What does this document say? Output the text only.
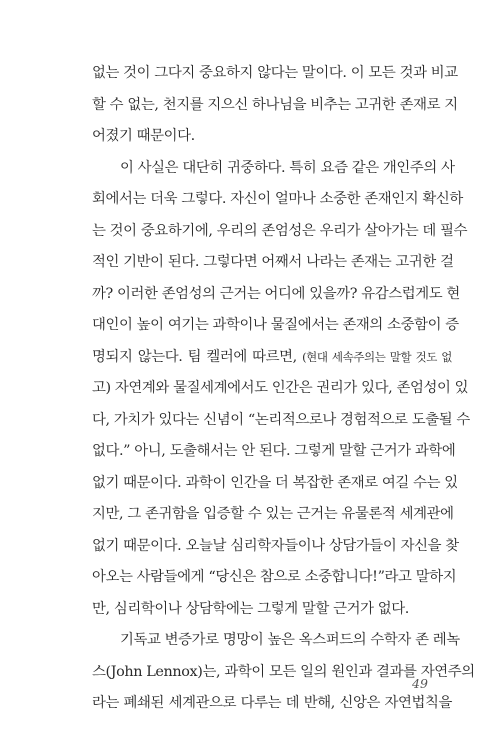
없는 것이 그다지 중요하지 않다는 말이다. 이 모든 것과 비교
할 수 없는, 천지를 지으신 하나님을 비추는 고귀한 존재로 지
어졌기 때문이다.
이 사실은 대단히 귀중하다. 특히 요즘 같은 개인주의 사
회에서는 더욱 그렇다. 자신이 얼마나 소중한 존재인지 확신하
는 것이 중요하기에, 우리의 존엄성은 우리가 살아가는 데 필수
적인 기반이 된다. 그렇다면 어째서 나라는 존재는 고귀한 걸
까? 이러한 존엄성의 근거는 어디에 있을까? 유감스럽게도 현
대인이 높이 여기는 과학이나 물질에서는 존재의 소중함이 증
명되지 않는다. 팀 켈러에 따르면, (현대 세속주의는 말할 것도 없
고) 자연계와 물질세계에서도 인간은 권리가 있다, 존엄성이 있
다, 가치가 있다는 신념이 “논리적으로나 경험적으로 도출될 수
없다.” 아니, 도출해서는 안 된다. 그렇게 말할 근거가 과학에
없기 때문이다. 과학이 인간을 더 복잡한 존재로 여길 수는 있
지만, 그 존귀함을 입증할 수 있는 근거는 유물론적 세계관에
없기 때문이다. 오늘날 심리학자들이나 상담가들이 자신을 찾
아오는 사람들에게 “당신은 참으로 소중합니다!”라고 말하지
만, 심리학이나 상담학에는 그렇게 말할 근거가 없다.
기독교 변증가로 명망이 높은 옥스퍼드의 수학자 존 레녹
스(John Lennox)는, 과학이 모든 일의 원인과 결과를 자연주의
라는 폐쇄된 세계관으로 다루는 데 반해, 신앙은 자연법칙을
49
